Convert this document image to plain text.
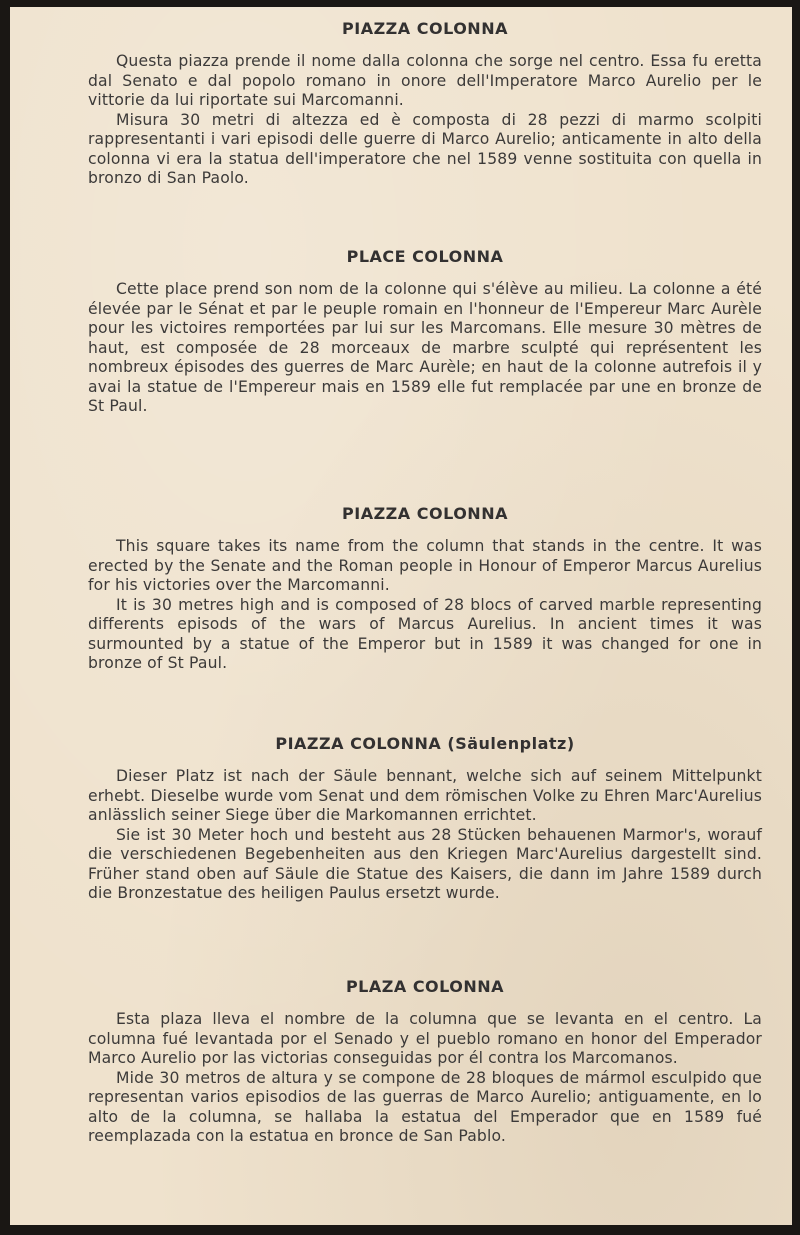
PIAZZA COLONNA

Questa piazza prende il nome dalla colonna che sorge nel centro. Essa fu eretta dal Senato e dal popolo romano in onore dell'Imperatore Marco Aurelio per le vittorie da lui riportate sui Marcomanni.

Misura 30 metri di altezza ed è composta di 28 pezzi di marmo scolpiti rappresentanti i vari episodi delle guerre di Marco Aurelio; anticamente in alto della colonna vi era la statua dell'imperatore che nel 1589 venne sostituita con quella in bronzo di San Paolo.

PLACE COLONNA

Cette place prend son nom de la colonne qui s'élève au milieu. La colonne a été élevée par le Sénat et par le peuple romain en l'honneur de l'Empereur Marc Aurèle pour les victoires remportées par lui sur les Marcomans. Elle mesure 30 mètres de haut, est composée de 28 morceaux de marbre sculpté qui représentent les nombreux épisodes des guerres de Marc Aurèle; en haut de la colonne autrefois il y avai la statue de l'Empereur mais en 1589 elle fut remplacée par une en bronze de St Paul.

PIAZZA COLONNA

This square takes its name from the column that stands in the centre. It was erected by the Senate and the Roman people in Honour of Emperor Marcus Aurelius for his victories over the Marcomanni.

It is 30 metres high and is composed of 28 blocs of carved marble representing differents episods of the wars of Marcus Aurelius. In ancient times it was surmounted by a statue of the Emperor but in 1589 it was changed for one in bronze of St Paul.

PIAZZA COLONNA (Säulenplatz)

Dieser Platz ist nach der Säule bennant, welche sich auf seinem Mittelpunkt erhebt. Dieselbe wurde vom Senat und dem römischen Volke zu Ehren Marc'Aurelius anlässlich seiner Siege über die Markomannen errichtet.

Sie ist 30 Meter hoch und besteht aus 28 Stücken behauenen Marmor's, worauf die verschiedenen Begebenheiten aus den Kriegen Marc'Aurelius dargestellt sind. Früher stand oben auf Säule die Statue des Kaisers, die dann im Jahre 1589 durch die Bronzestatue des heiligen Paulus ersetzt wurde.

PLAZA COLONNA

Esta plaza lleva el nombre de la columna que se levanta en el centro. La columna fué levantada por el Senado y el pueblo romano en honor del Emperador Marco Aurelio por las victorias conseguidas por él contra los Marcomanos.

Mide 30 metros de altura y se compone de 28 bloques de mármol esculpido que representan varios episodios de las guerras de Marco Aurelio; antiguamente, en lo alto de la columna, se hallaba la estatua del Emperador que en 1589 fué reemplazada con la estatua en bronce de San Pablo.
